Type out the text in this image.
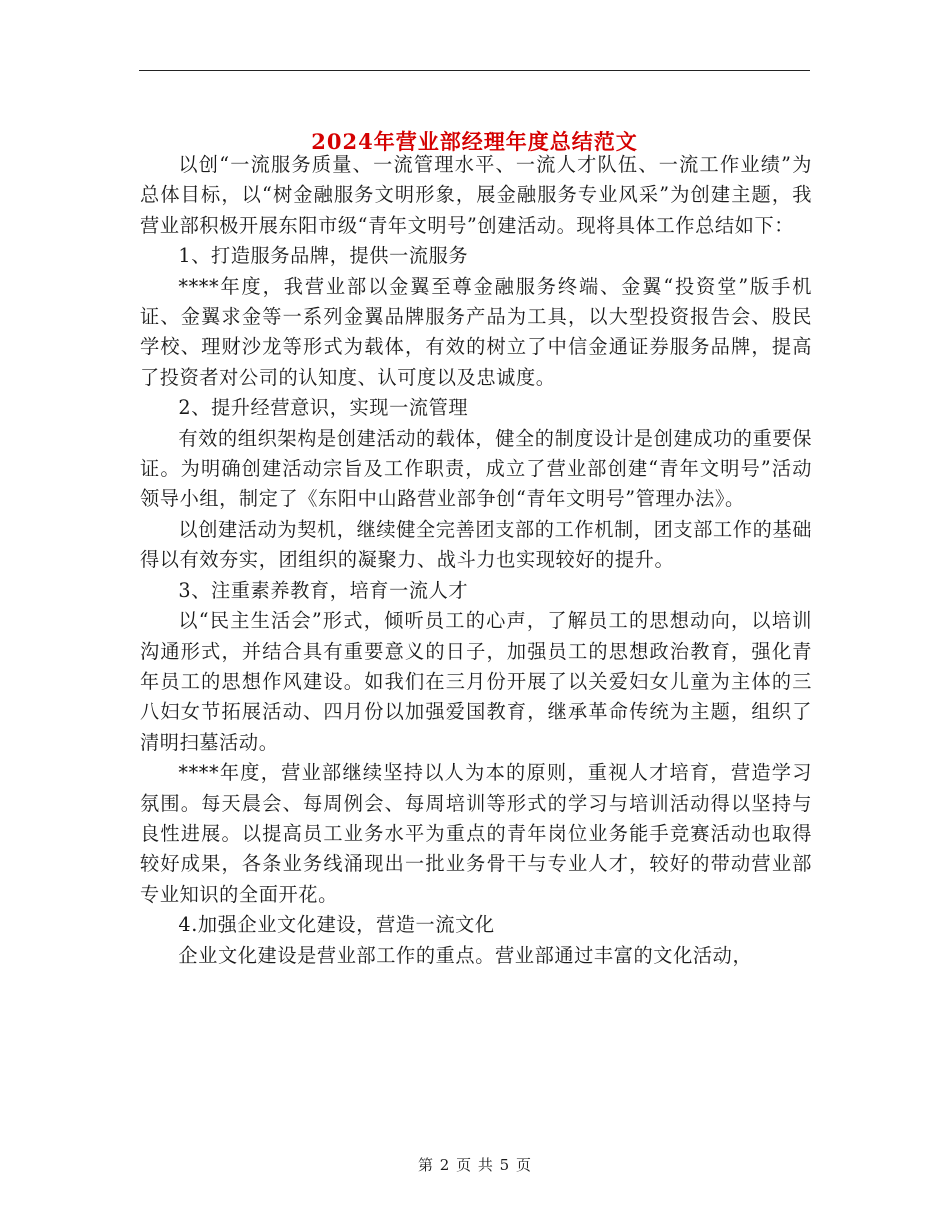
2024年营业部经理年度总结范文

以创“一流服务质量、一流管理水平、一流人才队伍、一流工作业绩”为总体目标，以“树金融服务文明形象，展金融服务专业风采”为创建主题，我营业部积极开展东阳市级“青年文明号”创建活动。现将具体工作总结如下：

1、打造服务品牌，提供一流服务

****年度，我营业部以金翼至尊金融服务终端、金翼“投资堂”版手机证、金翼求金等一系列金翼品牌服务产品为工具，以大型投资报告会、股民学校、理财沙龙等形式为载体，有效的树立了中信金通证券服务品牌，提高了投资者对公司的认知度、认可度以及忠诚度。

2、提升经营意识，实现一流管理

有效的组织架构是创建活动的载体，健全的制度设计是创建成功的重要保证。为明确创建活动宗旨及工作职责，成立了营业部创建“青年文明号”活动领导小组，制定了《东阳中山路营业部争创“青年文明号”管理办法》。

以创建活动为契机，继续健全完善团支部的工作机制，团支部工作的基础得以有效夯实，团组织的凝聚力、战斗力也实现较好的提升。

3、注重素养教育，培育一流人才

以“民主生活会”形式，倾听员工的心声，了解员工的思想动向，以培训沟通形式，并结合具有重要意义的日子，加强员工的思想政治教育，强化青年员工的思想作风建设。如我们在三月份开展了以关爱妇女儿童为主体的三八妇女节拓展活动、四月份以加强爱国教育，继承革命传统为主题，组织了清明扫墓活动。

****年度，营业部继续坚持以人为本的原则，重视人才培育，营造学习氛围。每天晨会、每周例会、每周培训等形式的学习与培训活动得以坚持与良性进展。以提高员工业务水平为重点的青年岗位业务能手竞赛活动也取得较好成果，各条业务线涌现出一批业务骨干与专业人才，较好的带动营业部专业知识的全面开花。

4.加强企业文化建设，营造一流文化

企业文化建设是营业部工作的重点。营业部通过丰富的文化活动，

第 2 页 共 5 页
